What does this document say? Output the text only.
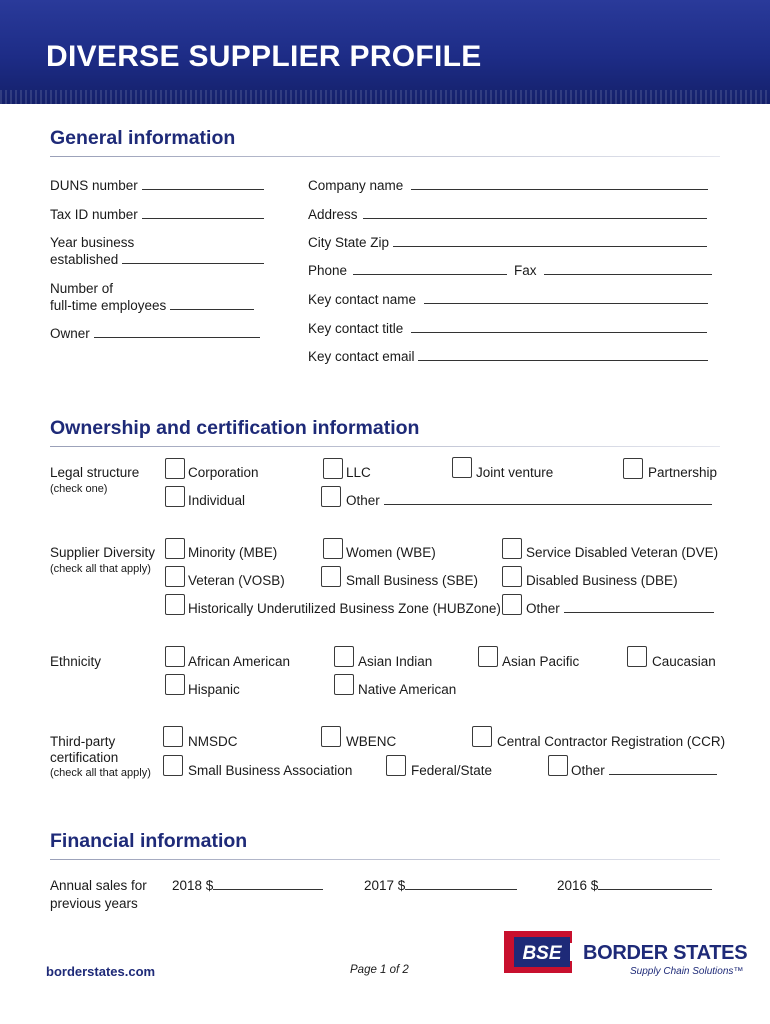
DIVERSE SUPPLIER PROFILE
General information
DUNS number
Tax ID number
Year business
established
Number of
full-time employees
Owner
Company name
Address
City State Zip
Phone	Fax
Key contact name
Key contact title
Key contact email
Ownership and certification information
Legal structure
(check one)
Corporation	LLC	Joint venture	Partnership
Individual	Other
Supplier Diversity
(check all that apply)
Minority (MBE)	Women (WBE)	Service Disabled Veteran (DVE)
Veteran (VOSB)	Small Business (SBE)	Disabled Business (DBE)
Historically Underutilized Business Zone (HUBZone) Other
Ethnicity	African American	Asian Indian	Asian Pacific	Caucasian
Hispanic	Native American
Third-party
certification
(check all that apply)
NMSDC	WBENC	Central Contractor Registration (CCR)
Small Business Association	Federal/State	Other
Financial information
Annual sales for
previous years
2018 $	2017 $	2016 $
borderstates.com	Page 1 of 2
BSE BORDER STATES
Supply Chain Solutions™
